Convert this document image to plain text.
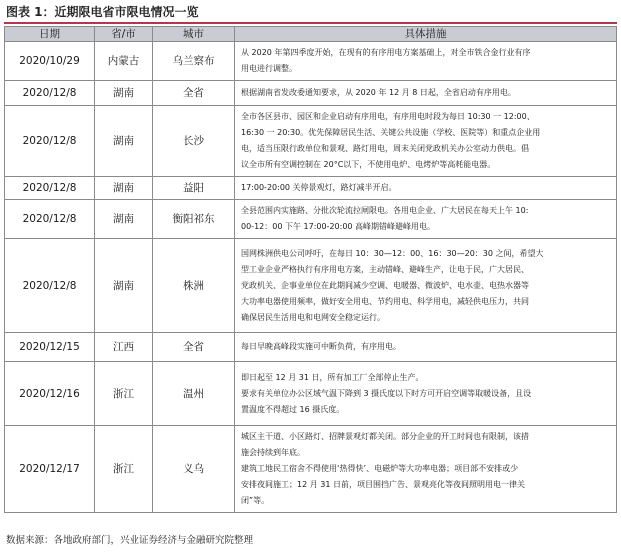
图表 1：近期限电省市限电情况一览
日期	省/市	城市	具体措施
2020/10/29	内蒙古	乌兰察布	从 2020 年第四季度开始，在现有的有序用电方案基础上，对全市铁合金行业有序
用电进行调整。

2020/12/8	湖南	全省	根据湖南省发改委通知要求，从 2020 年 12 月 8 日起，全省启动有序用电。

2020/12/8	湖南	长沙	全市各区县市、园区和企业启动有序用电，有序用电时段为每日 10:30 一 12:00、
16:30 一 20:30。优先保障居民生活、关键公共设施（学校、医院等）和重点企业用
电，适当压限行政单位和景观、路灯用电，周末关闭党政机关办公室动力供电。倡
议全市所有空调控制在 20°C以下，不使用电炉、电烤炉等高耗能电器。

2020/12/8	湖南	益阳	17:00-20:00 关停景观灯，路灯减半开启。

2020/12/8	湖南	衡阳祁东	全县范围内实施路、分批次轮流拉闸限电。各用电企业、广大居民在每天上午 10:
00-12：00 下午 17:00-20:00 高峰期错峰避峰用电。

2020/12/8	湖南	株洲	国网株洲供电公司呼吁，在每日 10：30—12：00、16：30—20：30 之间，希望大
型工业企业严格执行有序用电方案，主动错峰、避峰生产，让电于民，广大居民、
党政机关、企事业单位在此期间减少空调、电暖器、微波炉、电水壶、电热水器等
大功率电器使用频率，做好安全用电、节约用电、科学用电，减轻供电压力，共同
确保居民生活用电和电网安全稳定运行。

2020/12/15	江西	全省	每日早晚高峰段实施可中断负荷，有序用电。

2020/12/16	浙江	温州	即日起至 12 月 31 日，所有加工厂全部停止生产。
要求有关单位办公区域气温下降到 3 摄氏度以下时方可开启空调等取暖设备，且设
置温度不得超过 16 摄氏度。

2020/12/17	浙江	义乌	城区主干道、小区路灯、招牌景观灯都关闭。部分企业的开工时间也有限制，该措
施会持续到年底。
建筑工地民工宿舍不得使用‘热得快’、电磁炉等大功率电器；项目部不安排或少
安排夜间施工；12 月 31 日前，项目围挡广告、景观亮化等夜间照明用电一律关
闭”等。
数据来源：各地政府部门，兴业证券经济与金融研究院整理
